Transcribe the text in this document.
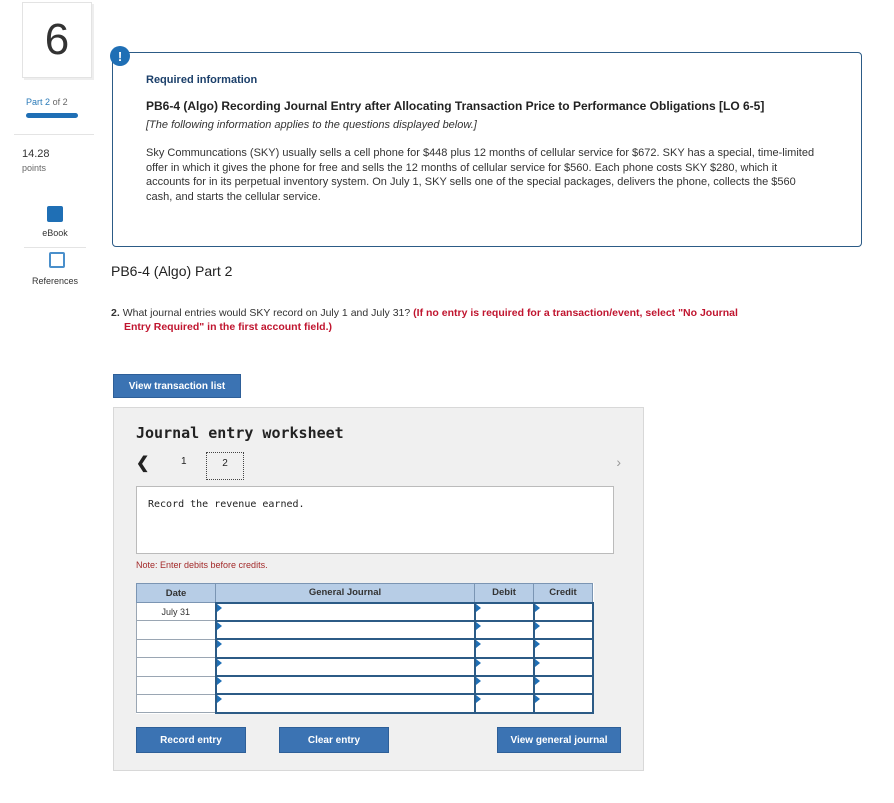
6
Part 2 of 2
14.28
points
eBook
References
!
Required information
PB6-4 (Algo) Recording Journal Entry after Allocating Transaction Price to Performance Obligations [LO 6-5]
[The following information applies to the questions displayed below.]
Sky Communcations (SKY) usually sells a cell phone for $448 plus 12 months of cellular service for $672. SKY has a special, time-limited offer in which it gives the phone for free and sells the 12 months of cellular service for $560. Each phone costs SKY $280, which it accounts for in its perpetual inventory system. On July 1, SKY sells one of the special packages, delivers the phone, collects the $560 cash, and starts the cellular service.
PB6-4 (Algo) Part 2
2. What journal entries would SKY record on July 1 and July 31? (If no entry is required for a transaction/event, select "No Journal
Entry Required" in the first account field.)
View transaction list
Journal entry worksheet
❮	1	2	›
Record the revenue earned.
Note: Enter debits before credits.
Date	General Journal	Debit	Credit
July 31			

Record entry	Clear entry	View general journal
